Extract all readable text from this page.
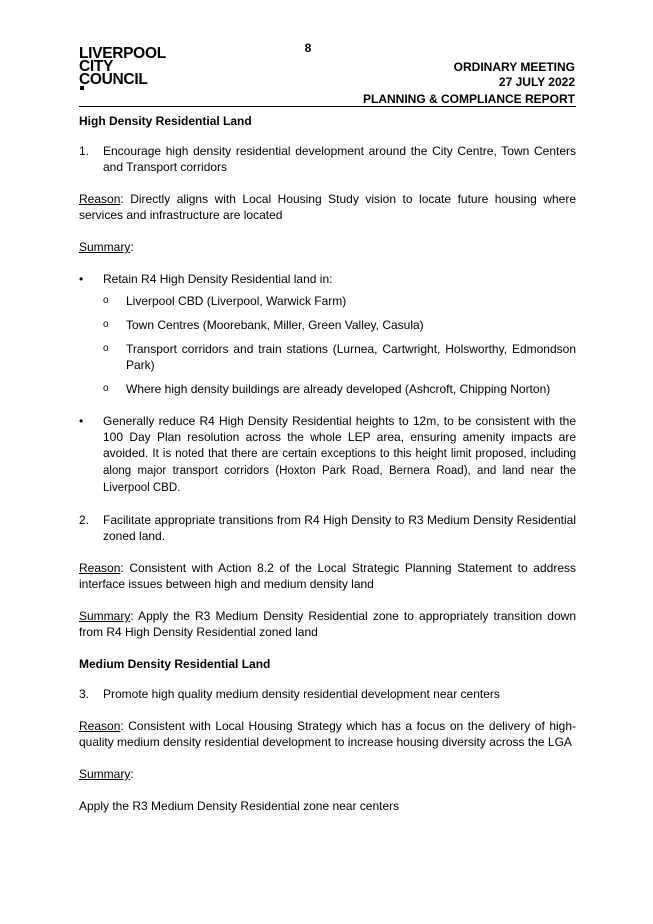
8
LIVERPOOL
CITY
COUNCIL
ORDINARY MEETING
27 JULY 2022
PLANNING & COMPLIANCE REPORT

High Density Residential Land

1.	Encourage high density residential development around the City Centre, Town Centers and Transport corridors

Reason: Directly aligns with Local Housing Study vision to locate future housing where services and infrastructure are located

Summary:

•	Retain R4 High Density Residential land in:
o	Liverpool CBD (Liverpool, Warwick Farm)
o	Town Centres (Moorebank, Miller, Green Valley, Casula)
o	Transport corridors and train stations (Lurnea, Cartwright, Holsworthy, Edmondson Park)
o	Where high density buildings are already developed (Ashcroft, Chipping Norton)
•	Generally reduce R4 High Density Residential heights to 12m, to be consistent with the 100 Day Plan resolution across the whole LEP area, ensuring amenity impacts are avoided. It is noted that there are certain exceptions to this height limit proposed, including along major transport corridors (Hoxton Park Road, Bernera Road), and land near the Liverpool CBD.
2.	Facilitate appropriate transitions from R4 High Density to R3 Medium Density Residential zoned land.

Reason: Consistent with Action 8.2 of the Local Strategic Planning Statement to address interface issues between high and medium density land

Summary: Apply the R3 Medium Density Residential zone to appropriately transition down from R4 High Density Residential zoned land

Medium Density Residential Land

3.	Promote high quality medium density residential development near centers

Reason: Consistent with Local Housing Strategy which has a focus on the delivery of high-quality medium density residential development to increase housing diversity across the LGA

Summary:

Apply the R3 Medium Density Residential zone near centers
